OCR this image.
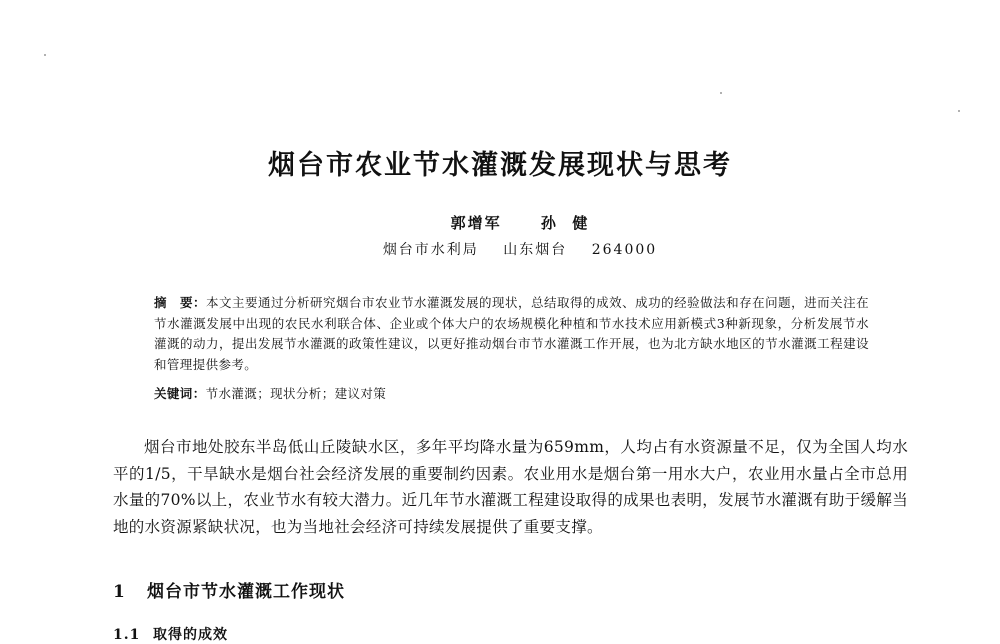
烟台市农业节水灌溉发展现状与思考
郭增军	孙  健
烟台市水利局 山东烟台 264000
摘　要：本文主要通过分析研究烟台市农业节水灌溉发展的现状，总结取得的成效、成功的经验做法和存在问题，进而关注在节水灌溉发展中出现的农民水利联合体、企业或个体大户的农场规模化种植和节水技术应用新模式3种新现象，分析发展节水灌溉的动力，提出发展节水灌溉的政策性建议，以更好推动烟台市节水灌溉工作开展，也为北方缺水地区的节水灌溉工程建设和管理提供参考。
关键词：节水灌溉；现状分析；建议对策
烟台市地处胶东半岛低山丘陵缺水区，多年平均降水量为659mm，人均占有水资源量不足，仅为全国人均水平的1/5，干旱缺水是烟台社会经济发展的重要制约因素。农业用水是烟台第一用水大户，农业用水量占全市总用水量的70%以上，农业节水有较大潜力。近几年节水灌溉工程建设取得的成果也表明，发展节水灌溉有助于缓解当地的水资源紧缺状况，也为当地社会经济可持续发展提供了重要支撑。
1 烟台市节水灌溉工作现状
1.1 取得的成效
